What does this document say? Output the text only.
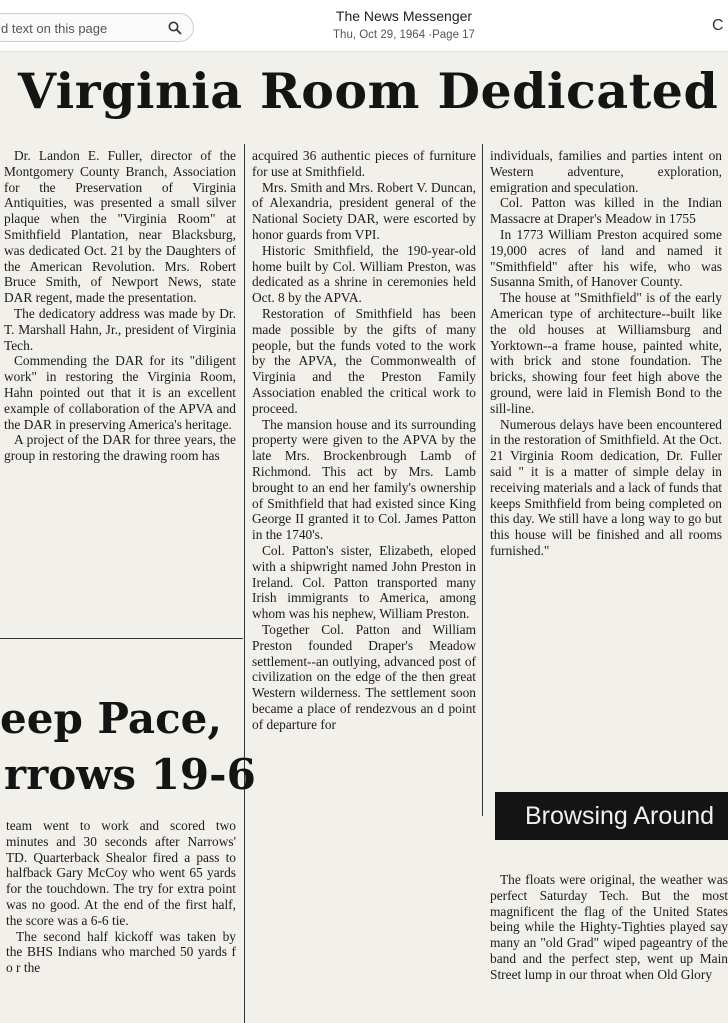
d text on this page
The News Messenger
Thu, Oct 29, 1964 ·Page 17
C
Virginia Room Dedicated

Dr. Landon E. Fuller, director of the Montgomery County Branch, Association for the Preservation of Virginia Antiquities, was presented a small silver plaque when the "Virginia Room" at Smithfield Plantation, near Blacksburg, was dedicated Oct. 21 by the Daughters of the American Revolution. Mrs. Robert Bruce Smith, of Newport News, state DAR regent, made the presentation.

The dedicatory address was made by Dr. T. Marshall Hahn, Jr., president of Virginia Tech.

Commending the DAR for its "diligent work" in restoring the Virginia Room, Hahn pointed out that it is an excellent example of collaboration of the APVA and the DAR in preserving America's heritage.

A project of the DAR for three years, the group in restoring the drawing room has

acquired 36 authentic pieces of furniture for use at Smithfield.

Mrs. Smith and Mrs. Robert V. Duncan, of Alexandria, president general of the National Society DAR, were escorted by honor guards from VPI.

Historic Smithfield, the 190-year-old home built by Col. William Preston, was dedicated as a shrine in ceremonies held Oct. 8 by the APVA.

Restoration of Smithfield has been made possible by the gifts of many people, but the funds voted to the work by the APVA, the Commonwealth of Virginia and the Preston Family Association enabled the critical work to proceed.

The mansion house and its surrounding property were given to the APVA by the late Mrs. Brockenbrough Lamb of Richmond. This act by Mrs. Lamb brought to an end her family's ownership of Smithfield that had existed since King George II granted it to Col. James Patton in the 1740's.

Col. Patton's sister, Elizabeth, eloped with a shipwright named John Preston in Ireland. Col. Patton transported many Irish immigrants to America, among whom was his nephew, William Preston.

Together Col. Patton and William Preston founded Draper's Meadow settlement--an outlying, advanced post of civilization on the edge of the then great Western wilderness. The settlement soon became a place of rendezvous an d point of departure for

individuals, families and parties intent on Western adventure, exploration, emigration and speculation.

Col. Patton was killed in the Indian Massacre at Draper's Meadow in 1755

In 1773 William Preston acquired some 19,000 acres of land and named it "Smithfield" after his wife, who was Susanna Smith, of Hanover County.

The house at "Smithfield" is of the early American type of architecture--built like the old houses at Williamsburg and Yorktown--a frame house, painted white, with brick and stone foundation. The bricks, showing four feet high above the ground, were laid in Flemish Bond to the sill-line.

Numerous delays have been encountered in the restoration of Smithfield. At the Oct. 21 Virginia Room dedication, Dr. Fuller said " it is a matter of simple delay in receiving materials and a lack of funds that keeps Smithfield from being completed on this day. We still have a long way to go but this house will be finished and all rooms furnished."

eep Pace,
rrows 19-6

team went to work and scored two minutes and 30 seconds after Narrows' TD. Quarterback Shealor fired a pass to halfback Gary McCoy who went 65 yards for the touchdown. The try for extra point was no good. At the end of the first half, the score was a 6-6 tie.

The second half kickoff was taken by the BHS Indians who marched 50 yards f o r the

Browsing Around

The floats were original, the weather was perfect Saturday Tech. But the most magnificent the flag of the United States being while the Highty-Tighties played say many an "old Grad" wiped pageantry of the band and the perfect step, went up Main Street lump in our throat when Old Glory
